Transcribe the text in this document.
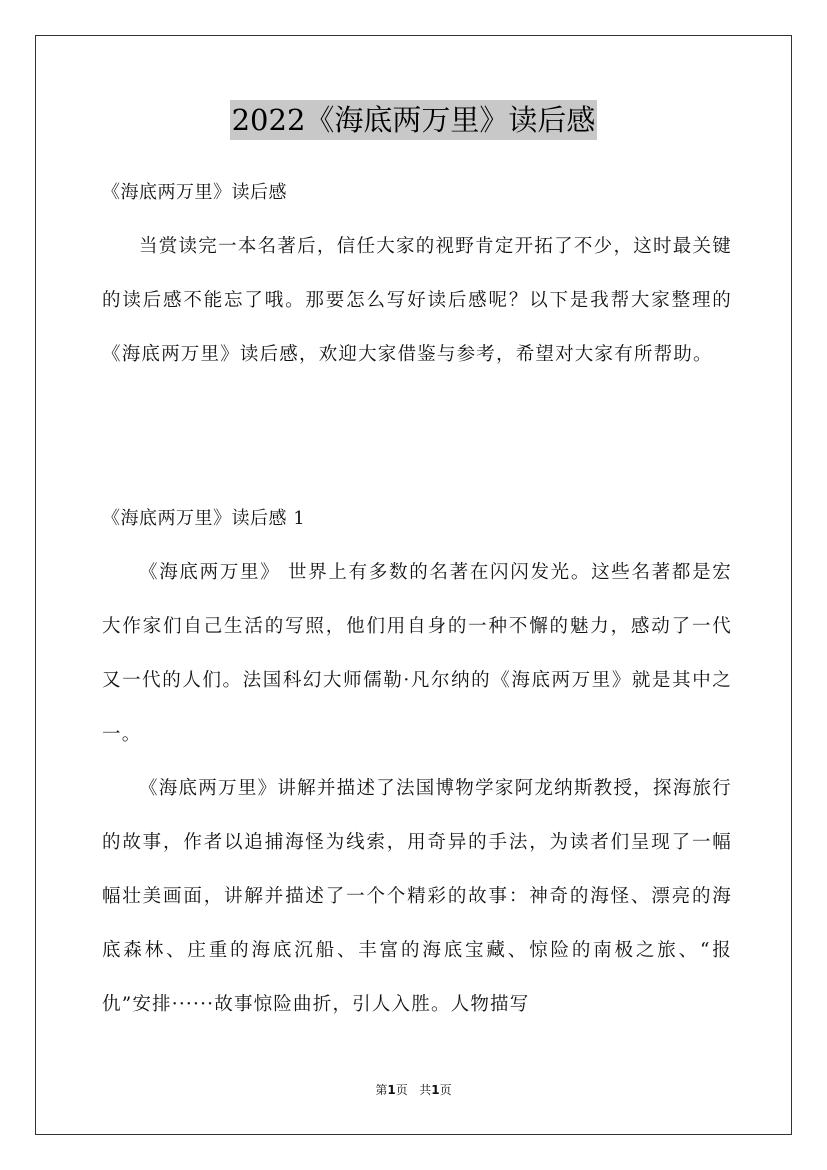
2022《海底两万里》读后感
《海底两万里》读后感
当赏读完一本名著后，信任大家的视野肯定开拓了不少，这时最关键的读后感不能忘了哦。那要怎么写好读后感呢？以下是我帮大家整理的《海底两万里》读后感，欢迎大家借鉴与参考，希望对大家有所帮助。
《海底两万里》读后感 1
《海底两万里》 世界上有多数的名著在闪闪发光。这些名著都是宏大作家们自己生活的写照，他们用自身的一种不懈的魅力，感动了一代又一代的人们。法国科幻大师儒勒·凡尔纳的《海底两万里》就是其中之一。
《海底两万里》讲解并描述了法国博物学家阿龙纳斯教授，探海旅行的故事，作者以追捕海怪为线索，用奇异的手法，为读者们呈现了一幅幅壮美画面，讲解并描述了一个个精彩的故事：神奇的海怪、漂亮的海底森林、庄重的海底沉船、丰富的海底宝藏、惊险的南极之旅、“报仇”安排······故事惊险曲折，引人入胜。人物描写
第1页 共1页
